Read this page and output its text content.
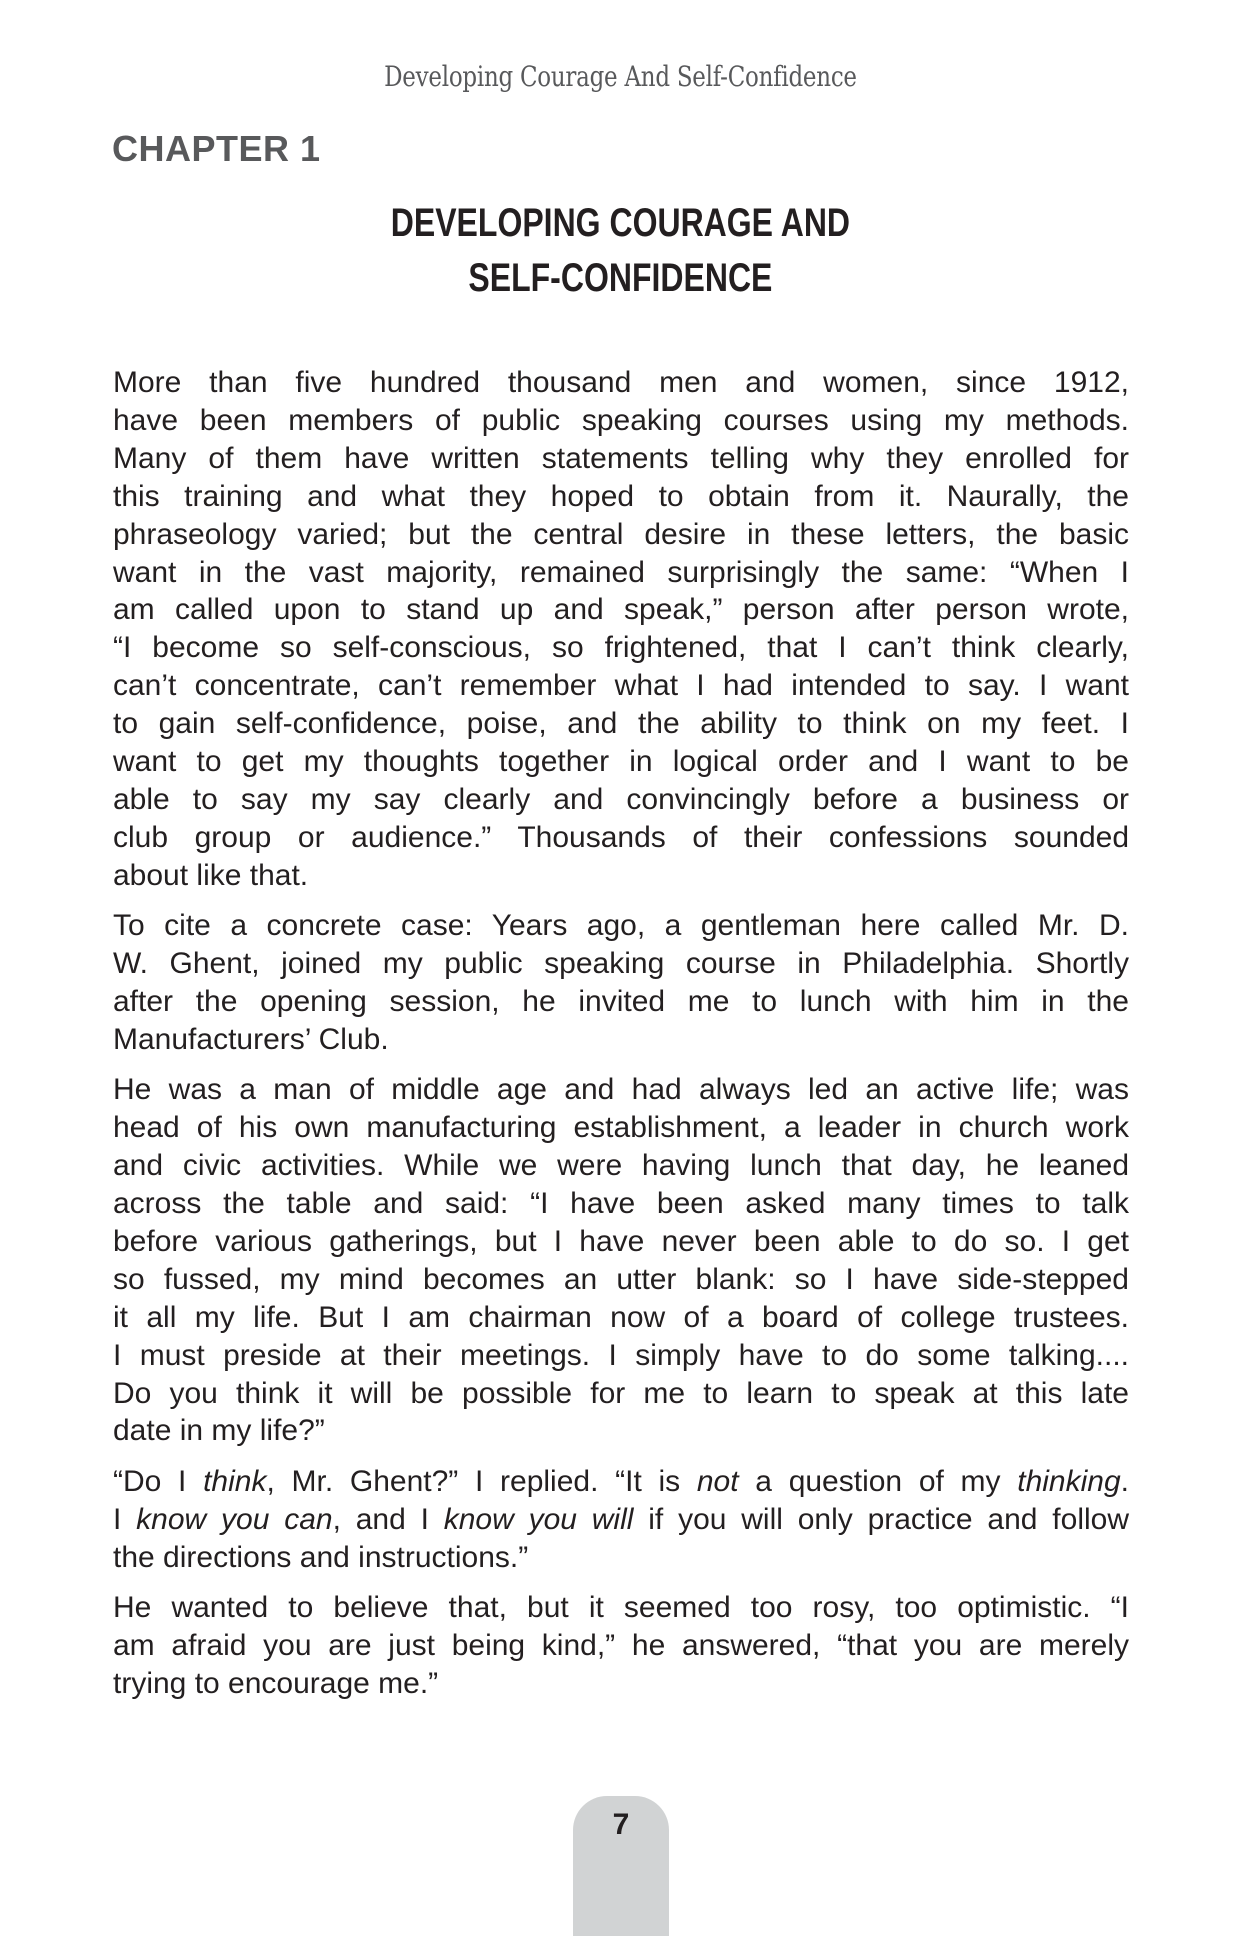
Developing Courage And Self-Confidence
CHAPTER 1
DEVELOPING COURAGE AND
SELF-CONFIDENCE
More than five hundred thousand men and women, since 1912,
have been members of public speaking courses using my methods.
Many of them have written statements telling why they enrolled for
this training and what they hoped to obtain from it. Naurally, the
phraseology varied; but the central desire in these letters, the basic
want in the vast majority, remained surprisingly the same: “When I
am called upon to stand up and speak,” person after person wrote,
“I become so self-conscious, so frightened, that I can’t think clearly,
can’t concentrate, can’t remember what I had intended to say. I want
to gain self-confidence, poise, and the ability to think on my feet. I
want to get my thoughts together in logical order and I want to be
able to say my say clearly and convincingly before a business or
club group or audience.” Thousands of their confessions sounded
about like that.
To cite a concrete case: Years ago, a gentleman here called Mr. D.
W. Ghent, joined my public speaking course in Philadelphia. Shortly
after the opening session, he invited me to lunch with him in the
Manufacturers’ Club.
He was a man of middle age and had always led an active life; was
head of his own manufacturing establishment, a leader in church work
and civic activities. While we were having lunch that day, he leaned
across the table and said: “I have been asked many times to talk
before various gatherings, but I have never been able to do so. I get
so fussed, my mind becomes an utter blank: so I have side-stepped
it all my life. But I am chairman now of a board of college trustees.
I must preside at their meetings. I simply have to do some talking....
Do you think it will be possible for me to learn to speak at this late
date in my life?”
“Do I think, Mr. Ghent?” I replied. “It is not a question of my thinking.
I know you can, and I know you will if you will only practice and follow
the directions and instructions.”
He wanted to believe that, but it seemed too rosy, too optimistic. “I
am afraid you are just being kind,” he answered, “that you are merely
trying to encourage me.”
7
